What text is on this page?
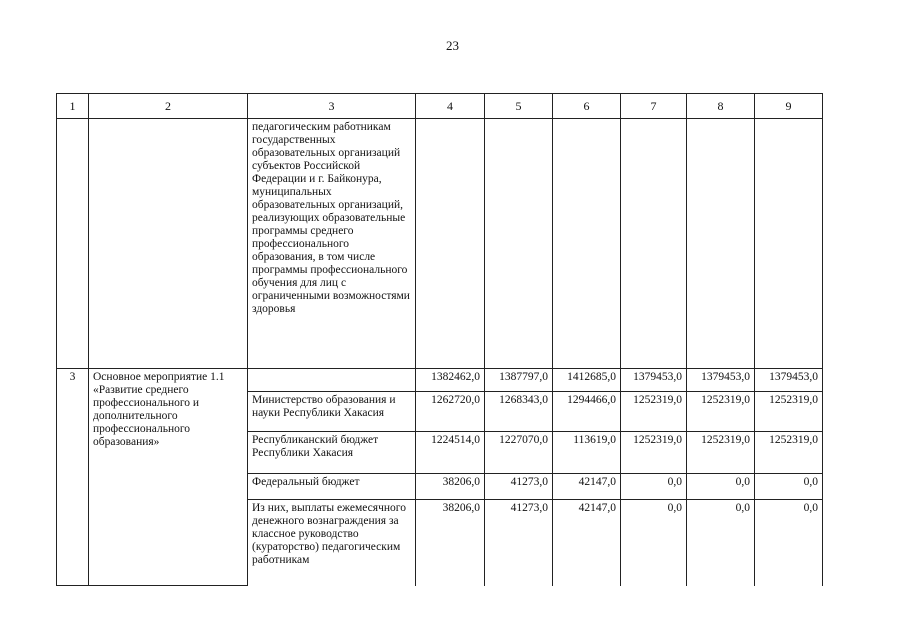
23
1	2	3	4	5	6	7	8	9
		педагогическим работникам государственных образовательных организаций субъектов Российской Федерации и г. Байконура, муниципальных образовательных организаций, реализующих образовательные программы среднего профессионального образования, в том числе программы профессионального обучения для лиц с ограниченными возможностями здоровья						
3	Основное мероприятие 1.1 «Развитие среднего профессионального и дополнительного профессионального образования»		1382462,0	1387797,0	1412685,0	1379453,0	1379453,0	1379453,0
		Министерство образования и науки Республики Хакасия	1262720,0	1268343,0	1294466,0	1252319,0	1252319,0	1252319,0
		Республиканский бюджет Республики Хакасия	1224514,0	1227070,0	113619,0	1252319,0	1252319,0	1252319,0
		Федеральный бюджет	38206,0	41273,0	42147,0	0,0	0,0	0,0
		Из них, выплаты ежемесячного денежного вознаграждения за классное руководство (кураторство) педагогическим работникам	38206,0	41273,0	42147,0	0,0	0,0	0,0
